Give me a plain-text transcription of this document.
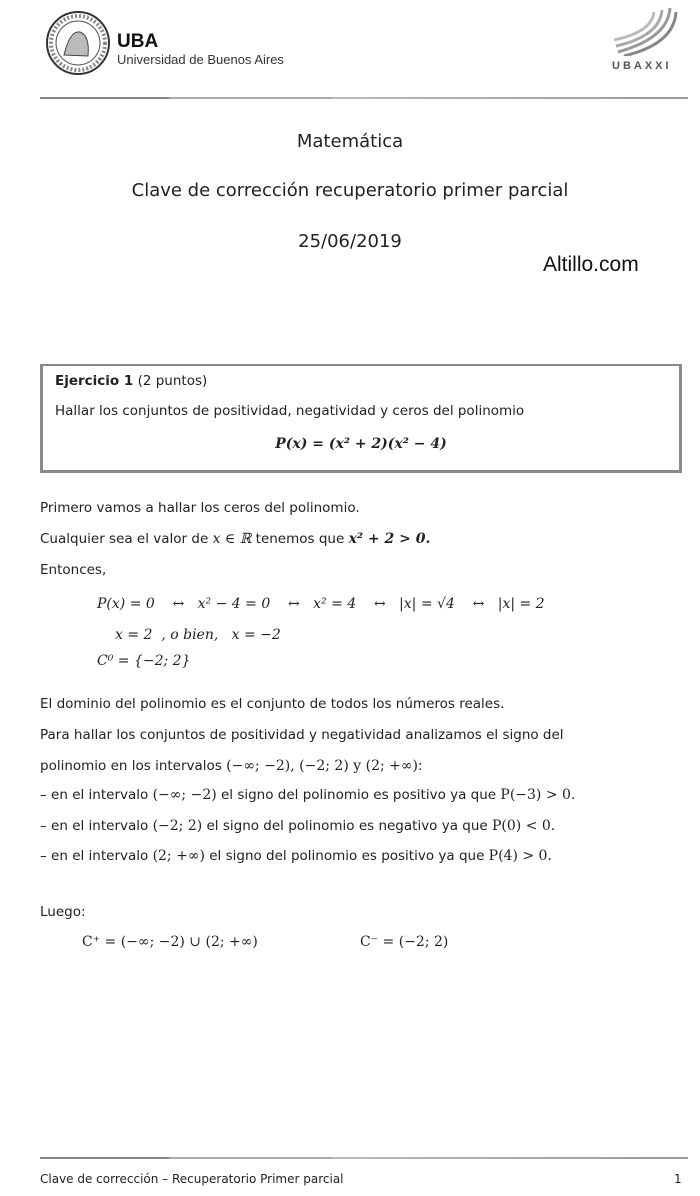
UBA
Universidad de Buenos Aires	UBAXXI
Matemática
Clave de corrección recuperatorio primer parcial
25/06/2019
Altillo.com
Ejercicio 1 (2 puntos)
Hallar los conjuntos de positividad, negatividad y ceros del polinomio
P(x) = (x² + 2)(x² − 4)
Primero vamos a hallar los ceros del polinomio.
Cualquier sea el valor de x ∈ ℝ tenemos que x² + 2 > 0.
Entonces,
P(x) = 0    ↔   x² − 4 = 0    ↔   x² = 4    ↔   |x| = √4    ↔   |x| = 2
x = 2  , o bien,   x = −2
C⁰ = {−2; 2}
El dominio del polinomio es el conjunto de todos los números reales.
Para hallar los conjuntos de positividad y negatividad analizamos el signo del
polinomio en los intervalos (−∞; −2), (−2; 2) y (2; +∞):
– en el intervalo (−∞; −2) el signo del polinomio es positivo ya que P(−3) > 0.
– en el intervalo (−2; 2) el signo del polinomio es negativo ya que P(0) < 0.
– en el intervalo (2; +∞) el signo del polinomio es positivo ya que P(4) > 0.
Luego:
C⁺ = (−∞; −2) ∪ (2; +∞)	C⁻ = (−2; 2)
Clave de corrección – Recuperatorio Primer parcial	1
